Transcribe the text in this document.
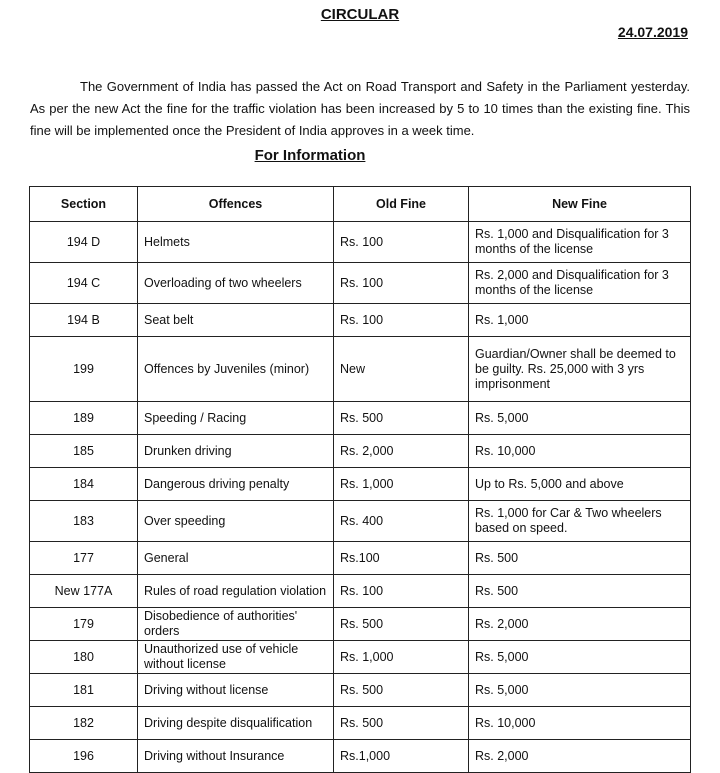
CIRCULAR
24.07.2019
The Government of India has passed the Act on Road Transport and Safety in the Parliament yesterday. As per the new Act the fine for the traffic violation has been increased by 5 to 10 times than the existing fine. This fine will be implemented once the President of India approves in a week time.
For Information
Section	Offences	Old Fine	New Fine
194 D	Helmets	Rs. 100	Rs. 1,000 and Disqualification for 3 months of the license
194 C	Overloading of two wheelers	Rs. 100	Rs. 2,000 and Disqualification for 3 months of the license
194 B	Seat belt	Rs. 100	Rs. 1,000
199	Offences by Juveniles (minor)	New	Guardian/Owner shall be deemed to be guilty. Rs. 25,000 with 3 yrs imprisonment
189	Speeding / Racing	Rs. 500	Rs. 5,000
185	Drunken driving	Rs. 2,000	Rs. 10,000
184	Dangerous driving penalty	Rs. 1,000	Up to Rs. 5,000 and above
183	Over speeding	Rs. 400	Rs. 1,000 for Car & Two wheelers based on speed.
177	General	Rs.100	Rs. 500
New 177A	Rules of road regulation violation	Rs. 100	Rs. 500
179	Disobedience of authorities' orders	Rs. 500	Rs. 2,000
180	Unauthorized use of vehicle without license	Rs. 1,000	Rs. 5,000
181	Driving without license	Rs. 500	Rs. 5,000
182	Driving despite disqualification	Rs. 500	Rs. 10,000
196	Driving without Insurance	Rs.1,000	Rs. 2,000
